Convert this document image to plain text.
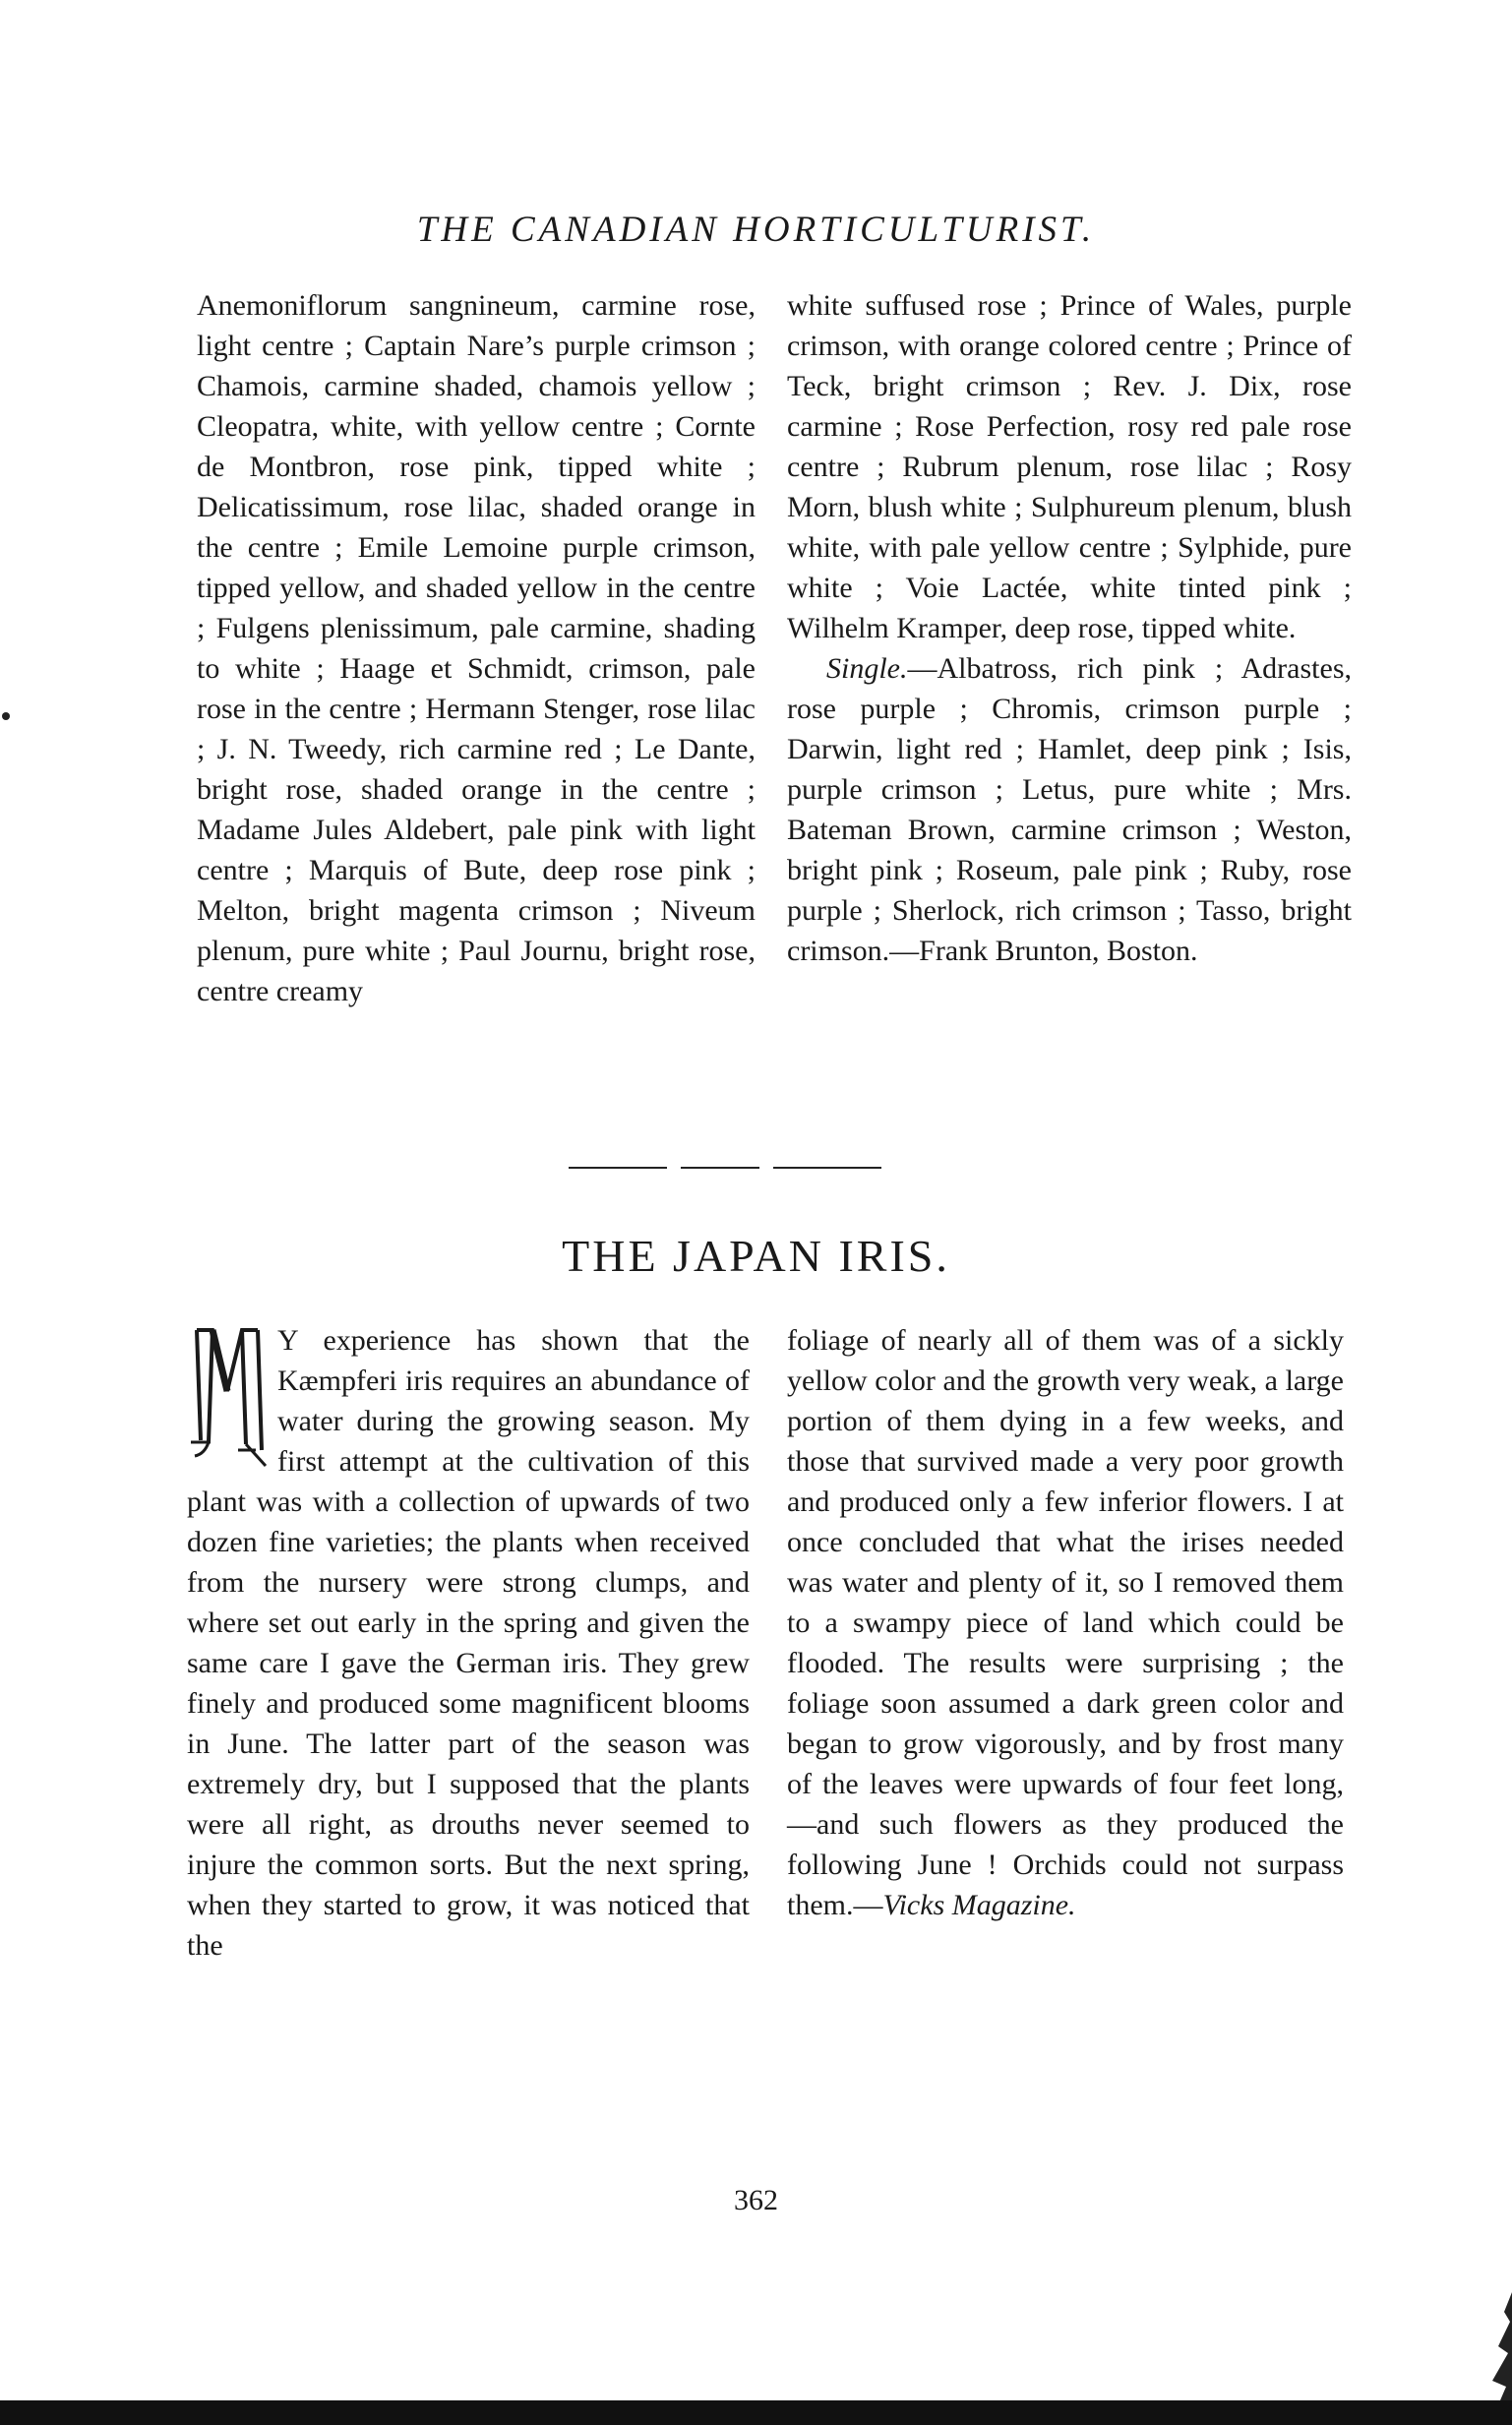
THE CANADIAN HORTICULTURIST.

Anemoniflorum sangnineum, carmine rose, light centre ; Captain Nare’s purple crimson ; Chamois, carmine shaded, chamois yellow ; Cleopatra, white, with yellow centre ; Cornte de Montbron, rose pink, tipped white ; Delicatissimum, rose lilac, shaded orange in the centre ; Emile Lemoine purple crimson, tipped yellow, and shaded yellow in the centre ; Fulgens plenissimum, pale carmine, shading to white ; Haage et Schmidt, crimson, pale rose in the centre ; Hermann Stenger, rose lilac ; J. N. Tweedy, rich carmine red ; Le Dante, bright rose, shaded orange in the centre ; Madame Jules Aldebert, pale pink with light centre ; Marquis of Bute, deep rose pink ; Melton, bright magenta crimson ; Niveum plenum, pure white ; Paul Journu, bright rose, centre creamy

white suffused rose ; Prince of Wales, purple crimson, with orange colored centre ; Prince of Teck, bright crimson ; Rev. J. Dix, rose carmine ; Rose Perfection, rosy red pale rose centre ; Rubrum plenum, rose lilac ; Rosy Morn, blush white ; Sulphureum plenum, blush white, with pale yellow centre ; Sylphide, pure white ; Voie Lactée, white tinted pink ; Wilhelm Kramper, deep rose, tipped white.

Single.—Albatross, rich pink ; Adrastes, rose purple ; Chromis, crimson purple ; Darwin, light red ; Hamlet, deep pink ; Isis, purple crimson ; Letus, pure white ; Mrs. Bateman Brown, carmine crimson ; Weston, bright pink ; Roseum, pale pink ; Ruby, rose purple ; Sherlock, rich crimson ; Tasso, bright crimson.—Frank Brunton, Boston.

THE JAPAN IRIS.

Y experience has shown that the Kæmpferi iris requires an abundance of water during the growing season. My first attempt at the cultivation of this plant was with a collection of upwards of two dozen fine varieties; the plants when received from the nursery were strong clumps, and where set out early in the spring and given the same care I gave the German iris. They grew finely and produced some magnificent blooms in June. The latter part of the season was extremely dry, but I supposed that the plants were all right, as drouths never seemed to injure the common sorts. But the next spring, when they started to grow, it was noticed that the

foliage of nearly all of them was of a sickly yellow color and the growth very weak, a large portion of them dying in a few weeks, and those that survived made a very poor growth and produced only a few inferior flowers. I at once concluded that what the irises needed was water and plenty of it, so I removed them to a swampy piece of land which could be flooded. The results were surprising ; the foliage soon assumed a dark green color and began to grow vigorously, and by frost many of the leaves were upwards of four feet long,—and such flowers as they produced the following June ! Orchids could not surpass them.—Vicks Magazine.

362
